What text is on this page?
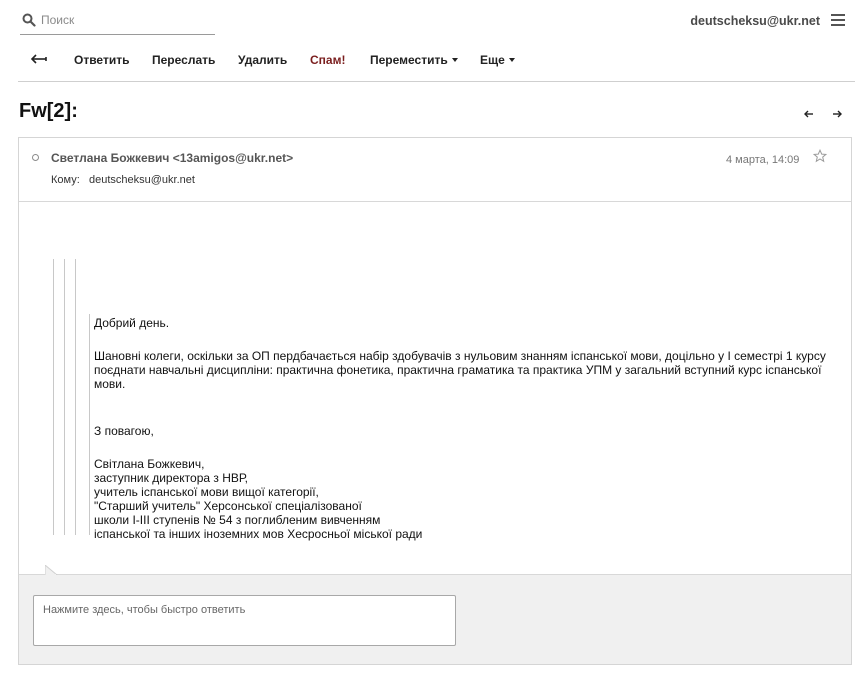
Поиск
deutscheksu@ukr.net
Ответить Переслать Удалить Спам! Переместить	Еще
Fw[2]:
Светлана Божкевич <13amigos@ukr.net>
Кому: deutscheksu@ukr.net
4 марта, 14:09

Добрий день.

Шановні колеги, оскільки за ОП пердбачається набір здобувачів з нульовим знанням іспанської мови, доцільно у І семестрі 1 курсу поєднати навчальні дисципліни: практична фонетика, практична граматика та практика УПМ у загальний вступний курс іспанської мови.

З повагою,

Світлана Божкевич,

заступник директора з НВР,

учитель іспанської мови вищої категорії,

"Старший учитель" Херсонської спеціалізованої

школи І-ІІІ ступенів № 54 з поглибленим вивченням

іспанської та інших іноземних мов Хесросньої міської ради

Нажмите здесь, чтобы быстро ответить
